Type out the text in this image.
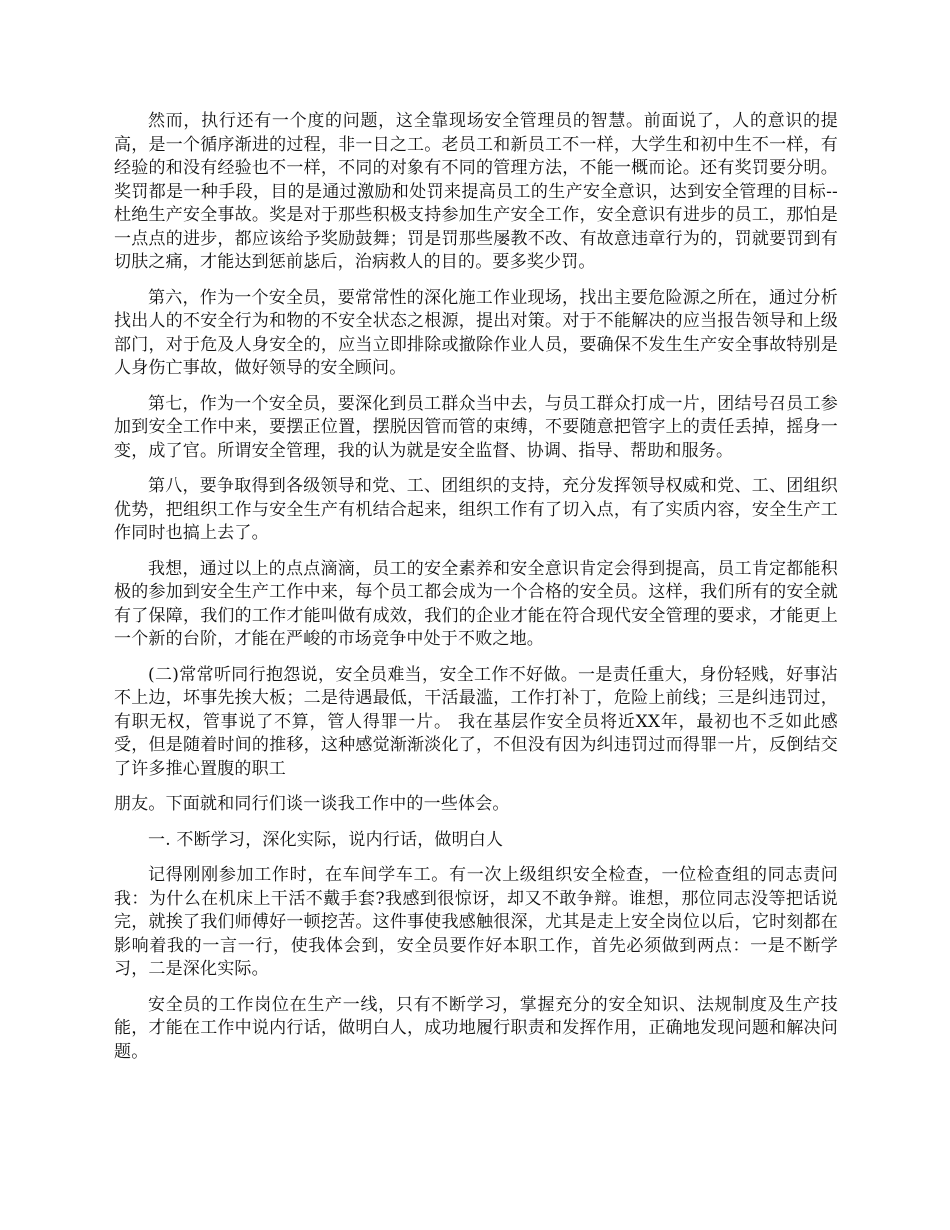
然而，执行还有一个度的问题，这全靠现场安全管理员的智慧。前面说了，人的意识的提高，是一个循序渐进的过程，非一日之工。老员工和新员工不一样，大学生和初中生不一样，有经验的和没有经验也不一样，不同的对象有不同的管理方法，不能一概而论。还有奖罚要分明。奖罚都是一种手段，目的是通过激励和处罚来提高员工的生产安全意识，达到安全管理的目标--杜绝生产安全事故。奖是对于那些积极支持参加生产安全工作，安全意识有进步的员工，那怕是一点点的进步，都应该给予奖励鼓舞；罚是罚那些屡教不改、有故意违章行为的，罚就要罚到有切肤之痛，才能达到惩前毖后，治病救人的目的。要多奖少罚。

第六，作为一个安全员，要常常性的深化施工作业现场，找出主要危险源之所在，通过分析找出人的不安全行为和物的不安全状态之根源，提出对策。对于不能解决的应当报告领导和上级部门，对于危及人身安全的，应当立即排除或撤除作业人员，要确保不发生生产安全事故特别是人身伤亡事故，做好领导的安全顾问。

第七，作为一个安全员，要深化到员工群众当中去，与员工群众打成一片，团结号召员工参加到安全工作中来，要摆正位置，摆脱因管而管的束缚，不要随意把管字上的责任丢掉，摇身一变，成了官。所谓安全管理，我的认为就是安全监督、协调、指导、帮助和服务。

第八，要争取得到各级领导和党、工、团组织的支持，充分发挥领导权威和党、工、团组织优势，把组织工作与安全生产有机结合起来，组织工作有了切入点，有了实质内容，安全生产工作同时也搞上去了。

我想，通过以上的点点滴滴，员工的安全素养和安全意识肯定会得到提高，员工肯定都能积极的参加到安全生产工作中来，每个员工都会成为一个合格的安全员。这样，我们所有的安全就有了保障，我们的工作才能叫做有成效，我们的企业才能在符合现代安全管理的要求，才能更上一个新的台阶，才能在严峻的市场竞争中处于不败之地。

(二)常常听同行抱怨说，安全员难当，安全工作不好做。一是责任重大，身份轻贱，好事沾不上边，坏事先挨大板；二是待遇最低，干活最滥，工作打补丁，危险上前线；三是纠违罚过，有职无权，管事说了不算，管人得罪一片。 我在基层作安全员将近XX年，最初也不乏如此感受，但是随着时间的推移，这种感觉渐渐淡化了，不但没有因为纠违罚过而得罪一片，反倒结交了许多推心置腹的职工

朋友。下面就和同行们谈一谈我工作中的一些体会。

一. 不断学习，深化实际，说内行话，做明白人

记得刚刚参加工作时，在车间学车工。有一次上级组织安全检查，一位检查组的同志责问我：为什么在机床上干活不戴手套?我感到很惊讶，却又不敢争辩。谁想，那位同志没等把话说完，就挨了我们师傅好一顿挖苦。这件事使我感触很深，尤其是走上安全岗位以后，它时刻都在影响着我的一言一行，使我体会到，安全员要作好本职工作，首先必须做到两点：一是不断学习，二是深化实际。

安全员的工作岗位在生产一线，只有不断学习，掌握充分的安全知识、法规制度及生产技能，才能在工作中说内行话，做明白人，成功地履行职责和发挥作用，正确地发现问题和解决问题。
